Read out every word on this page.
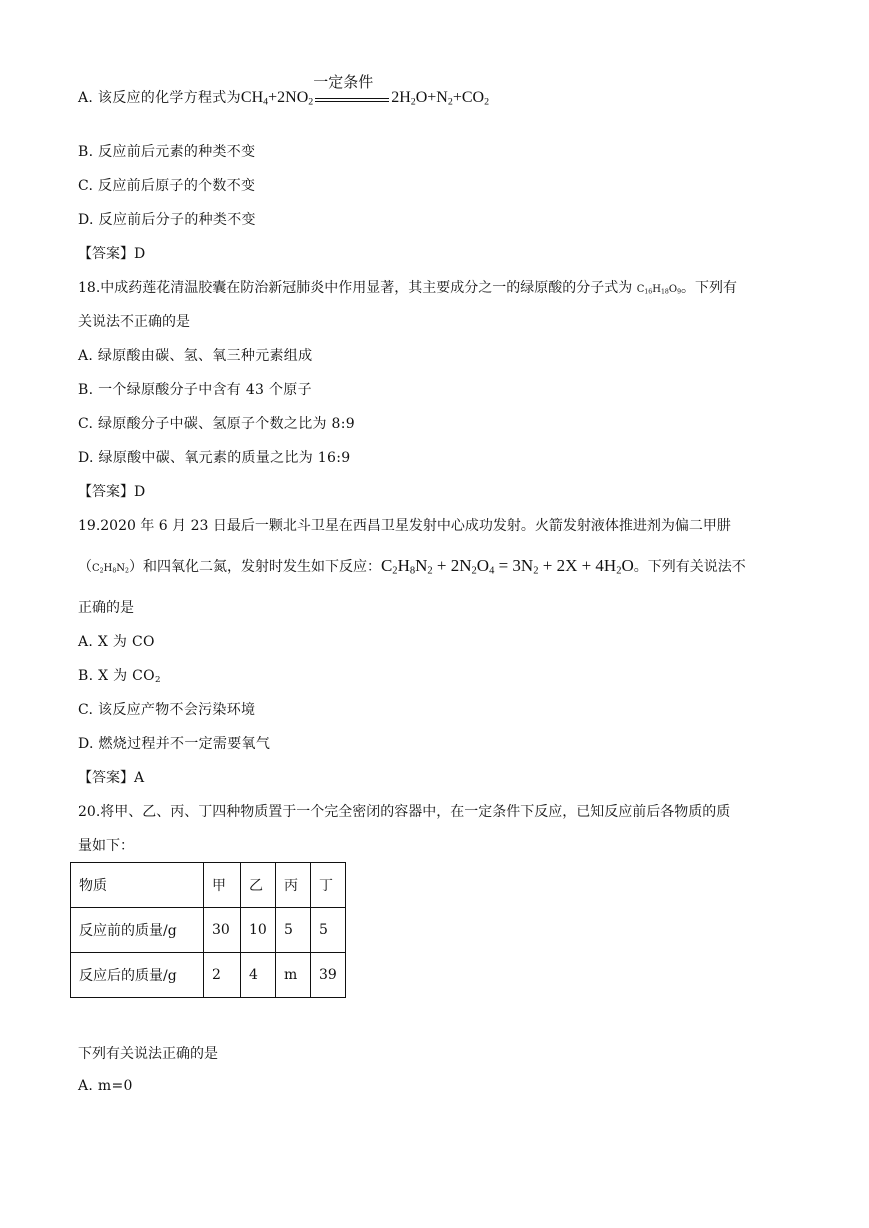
A. 该反应的化学方程式为$CH_4+2NO_2$
一定条件
$2H_2O+N_2+CO_2$
B. 反应前后元素的种类不变
C. 反应前后原子的个数不变
D. 反应前后分子的种类不变
【答案】D
18.中成药莲花清温胶囊在防治新冠肺炎中作用显著，其主要成分之一的绿原酸的分子式为 $C_{16}H_{18}O_9$。下列有
关说法不正确的是
A. 绿原酸由碳、氢、氧三种元素组成
B. 一个绿原酸分子中含有 43 个原子
C. 绿原酸分子中碳、氢原子个数之比为 8:9
D. 绿原酸中碳、氧元素的质量之比为 16:9
【答案】D
19.2020 年 6 月 23 日最后一颗北斗卫星在西昌卫星发射中心成功发射。火箭发射液体推进剂为偏二甲肼
$(C_2H_8N_2)$和四氧化二氮，发射时发生如下反应：$C_2H_8N_2 + 2N_2O_4 = 3N_2 + 2X + 4H_2O$。下列有关说法不
正确的是
A. X 为 CO
B. X 为 $CO_2$
C. 该反应产物不会污染环境
D. 燃烧过程并不一定需要氧气
【答案】A
20.将甲、乙、丙、丁四种物质置于一个完全密闭的容器中，在一定条件下反应，已知反应前后各物质的质
量如下：
物质	甲	乙	丙	丁
反应前的质量/g	30	10	5	5
反应后的质量/g	2	4	m	39
下列有关说法正确的是
A. m=0
